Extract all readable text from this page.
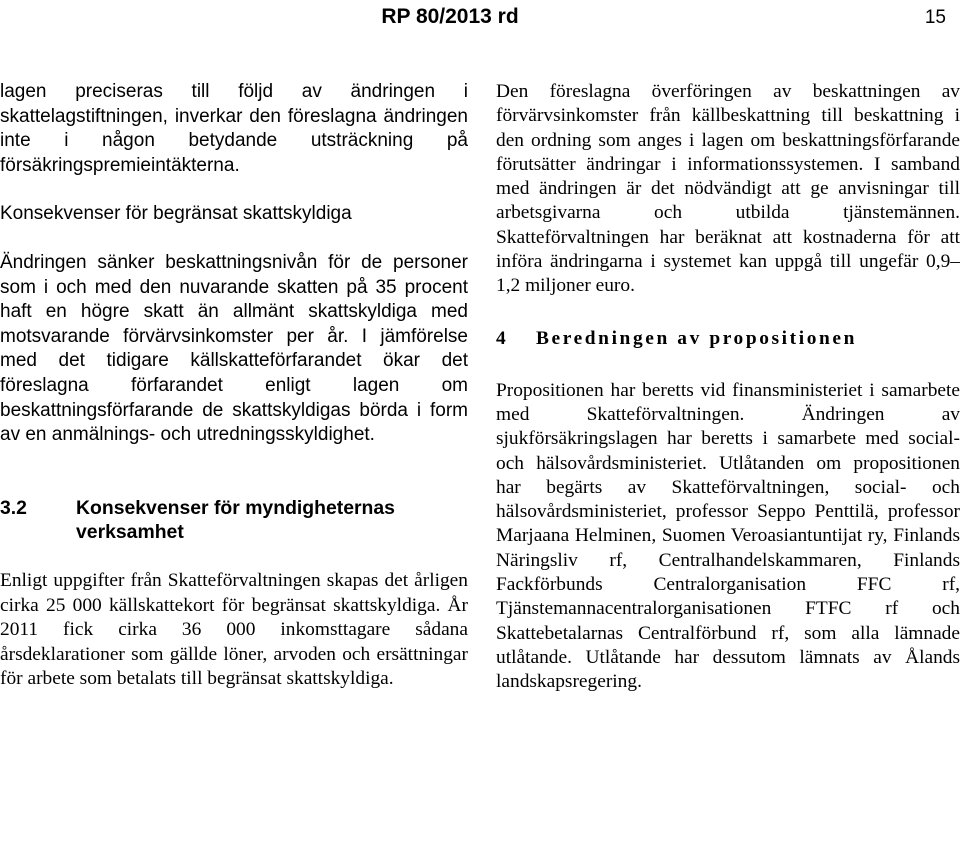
RP 80/2013 rd	15

lagen preciseras till följd av ändringen i skattelagstiftningen, inverkar den föreslagna ändringen inte i någon betydande utsträckning på försäkringspremieintäkterna.

Konsekvenser för begränsat skattskyldiga

Ändringen sänker beskattningsnivån för de personer som i och med den nuvarande skatten på 35 procent haft en högre skatt än allmänt skattskyldiga med motsvarande förvärvsinkomster per år. I jämförelse med det tidigare källskatteförfarandet ökar det föreslagna förfarandet enligt lagen om beskattningsförfarande de skattskyldigas börda i form av en anmälnings- och utredningsskyldighet.

3.2	Konsekvenser för myndigheternas verksamhet

Enligt uppgifter från Skatteförvaltningen skapas det årligen cirka 25 000 källskattekort för begränsat skattskyldiga. År 2011 fick cirka 36 000 inkomsttagare sådana årsdeklarationer som gällde löner, arvoden och ersättningar för arbete som betalats till begränsat skattskyldiga.

Den föreslagna överföringen av beskattningen av förvärvsinkomster från källbeskattning till beskattning i den ordning som anges i lagen om beskattningsförfarande förutsätter ändringar i informationssystemen. I samband med ändringen är det nödvändigt att ge anvisningar till arbetsgivarna och utbilda tjänstemännen. Skatteförvaltningen har beräknat att kostnaderna för att införa ändringarna i systemet kan uppgå till ungefär 0,9–1,2 miljoner euro.

4	Beredningen av propositionen

Propositionen har beretts vid finansministeriet i samarbete med Skatteförvaltningen. Ändringen av sjukförsäkringslagen har beretts i samarbete med social- och hälsovårdsministeriet. Utlåtanden om propositionen har begärts av Skatteförvaltningen, social- och hälsovårdsministeriet, professor Seppo Penttilä, professor Marjaana Helminen, Suomen Veroasiantuntijat ry, Finlands Näringsliv rf, Centralhandelskammaren, Finlands Fackförbunds Centralorganisation FFC rf, Tjänstemannacentralorganisationen FTFC rf och Skattebetalarnas Centralförbund rf, som alla lämnade utlåtande. Utlåtande har dessutom lämnats av Ålands landskapsregering.
